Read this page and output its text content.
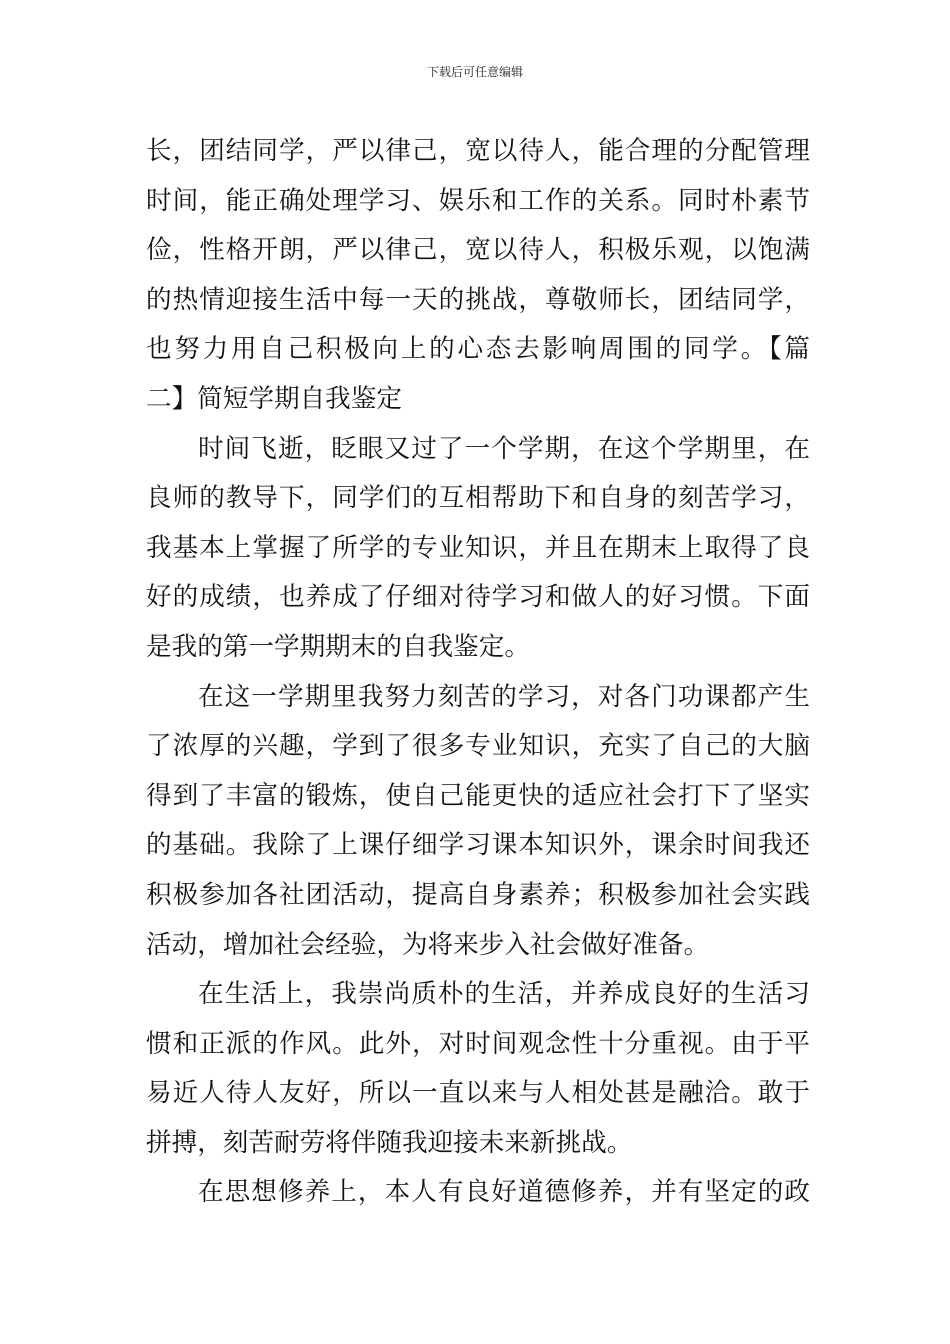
下载后可任意编辑
长，团结同学，严以律己，宽以待人，能合理的分配管理
时间，能正确处理学习、娱乐和工作的关系。同时朴素节
俭，性格开朗，严以律己，宽以待人，积极乐观，以饱满
的热情迎接生活中每一天的挑战，尊敬师长，团结同学，
也努力用自己积极向上的心态去影响周围的同学。【篇
二】简短学期自我鉴定
时间飞逝，眨眼又过了一个学期，在这个学期里，在
良师的教导下，同学们的互相帮助下和自身的刻苦学习，
我基本上掌握了所学的专业知识，并且在期末上取得了良
好的成绩，也养成了仔细对待学习和做人的好习惯。下面
是我的第一学期期末的自我鉴定。
在这一学期里我努力刻苦的学习，对各门功课都产生
了浓厚的兴趣，学到了很多专业知识，充实了自己的大脑
得到了丰富的锻炼，使自己能更快的适应社会打下了坚实
的基础。我除了上课仔细学习课本知识外，课余时间我还
积极参加各社团活动，提高自身素养；积极参加社会实践
活动，增加社会经验，为将来步入社会做好准备。
在生活上，我崇尚质朴的生活，并养成良好的生活习
惯和正派的作风。此外，对时间观念性十分重视。由于平
易近人待人友好，所以一直以来与人相处甚是融洽。敢于
拼搏，刻苦耐劳将伴随我迎接未来新挑战。
在思想修养上，本人有良好道德修养，并有坚定的政
